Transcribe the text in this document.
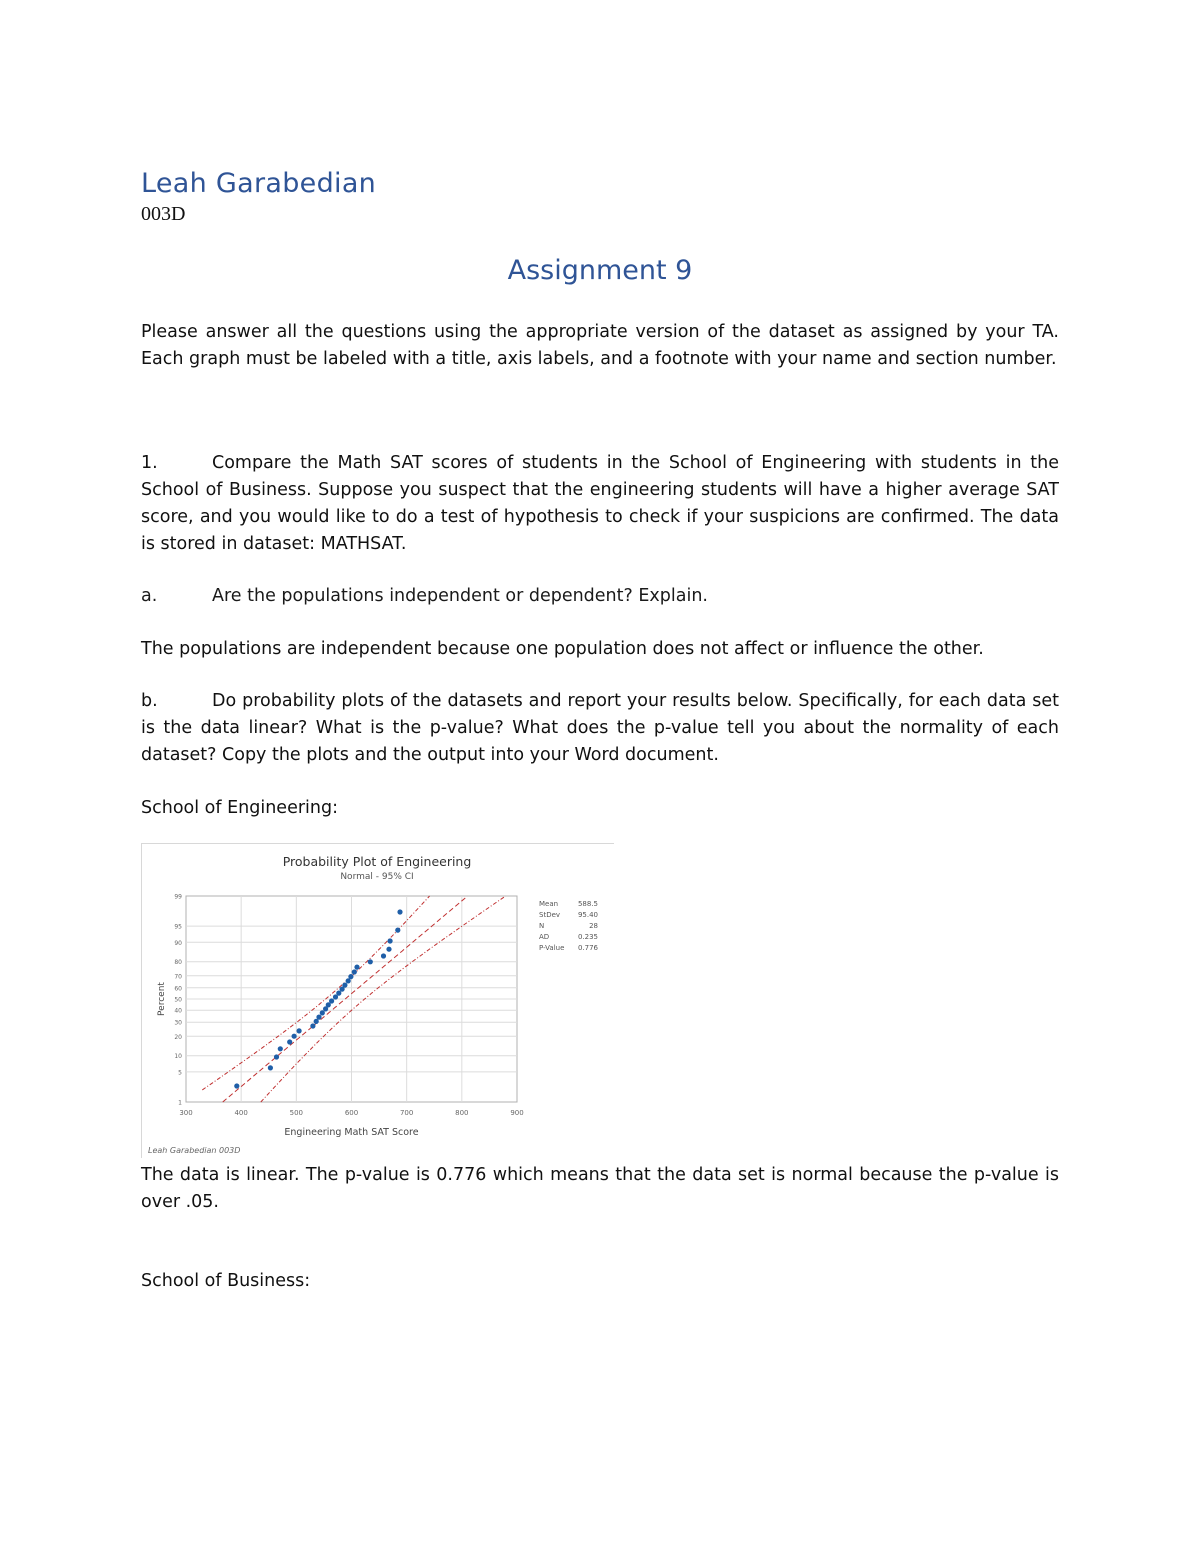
Leah Garabedian
003D
Assignment 9
Please answer all the questions using the appropriate version of the dataset as assigned by your TA. Each graph must be labeled with a title, axis labels, and a footnote with your name and section number.
1.	Compare the Math SAT scores of students in the School of Engineering with students in the School of Business. Suppose you suspect that the engineering students will have a higher average SAT score, and you would like to do a test of hypothesis to check if your suspicions are confirmed. The data is stored in dataset: MATHSAT.
a.	Are the populations independent or dependent? Explain.
The populations are independent because one population does not affect or influence the other.
b.	Do probability plots of the datasets and report your results below. Specifically, for each data set is the data linear? What is the p-value? What does the p-value tell you about the normality of each dataset? Copy the plots and the output into your Word document.
School of Engineering:
Probability Plot of Engineering
Normal - 95% CI
300	400	500	600	700	800	900
1
5
10
20
30
40
50
60
70
80
90
95
99
Engineering Math SAT Score
Percent
Mean	588.5
StDev	95.40
N	28
AD	0.235
P-Value 0.776
Leah Garabedian 003D
The data is linear. The p-value is 0.776 which means that the data set is normal because the p-value is over .05.
School of Business:
